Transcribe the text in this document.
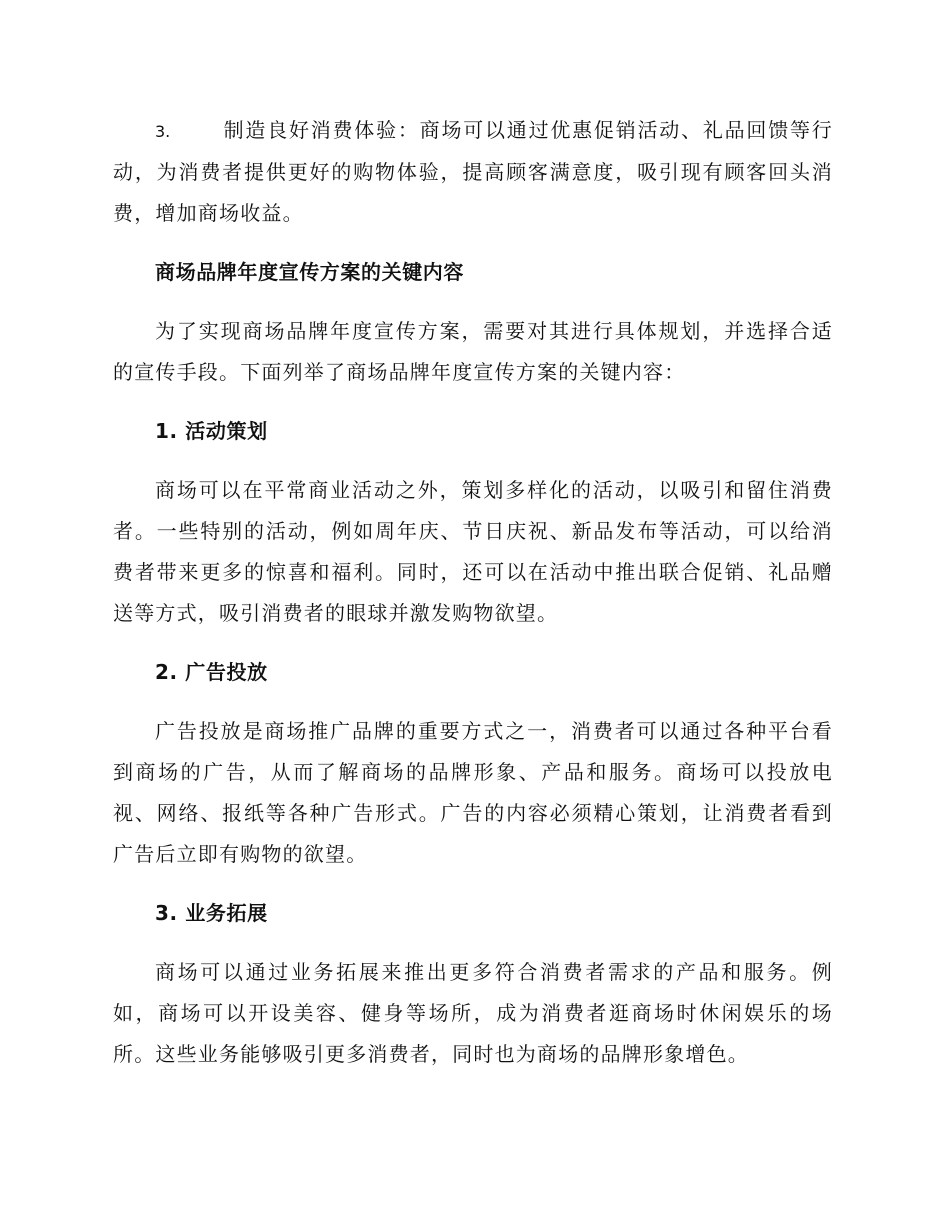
3.	制造良好消费体验：商场可以通过优惠促销活动、礼品回馈等行动，为消费者提供更好的购物体验，提高顾客满意度，吸引现有顾客回头消费，增加商场收益。

商场品牌年度宣传方案的关键内容

为了实现商场品牌年度宣传方案，需要对其进行具体规划，并选择合适的宣传手段。下面列举了商场品牌年度宣传方案的关键内容：

1. 活动策划

商场可以在平常商业活动之外，策划多样化的活动，以吸引和留住消费者。一些特别的活动，例如周年庆、节日庆祝、新品发布等活动，可以给消费者带来更多的惊喜和福利。同时，还可以在活动中推出联合促销、礼品赠送等方式，吸引消费者的眼球并激发购物欲望。

2. 广告投放

广告投放是商场推广品牌的重要方式之一，消费者可以通过各种平台看到商场的广告，从而了解商场的品牌形象、产品和服务。商场可以投放电视、网络、报纸等各种广告形式。广告的内容必须精心策划，让消费者看到广告后立即有购物的欲望。

3. 业务拓展

商场可以通过业务拓展来推出更多符合消费者需求的产品和服务。例如，商场可以开设美容、健身等场所，成为消费者逛商场时休闲娱乐的场所。这些业务能够吸引更多消费者，同时也为商场的品牌形象增色。
